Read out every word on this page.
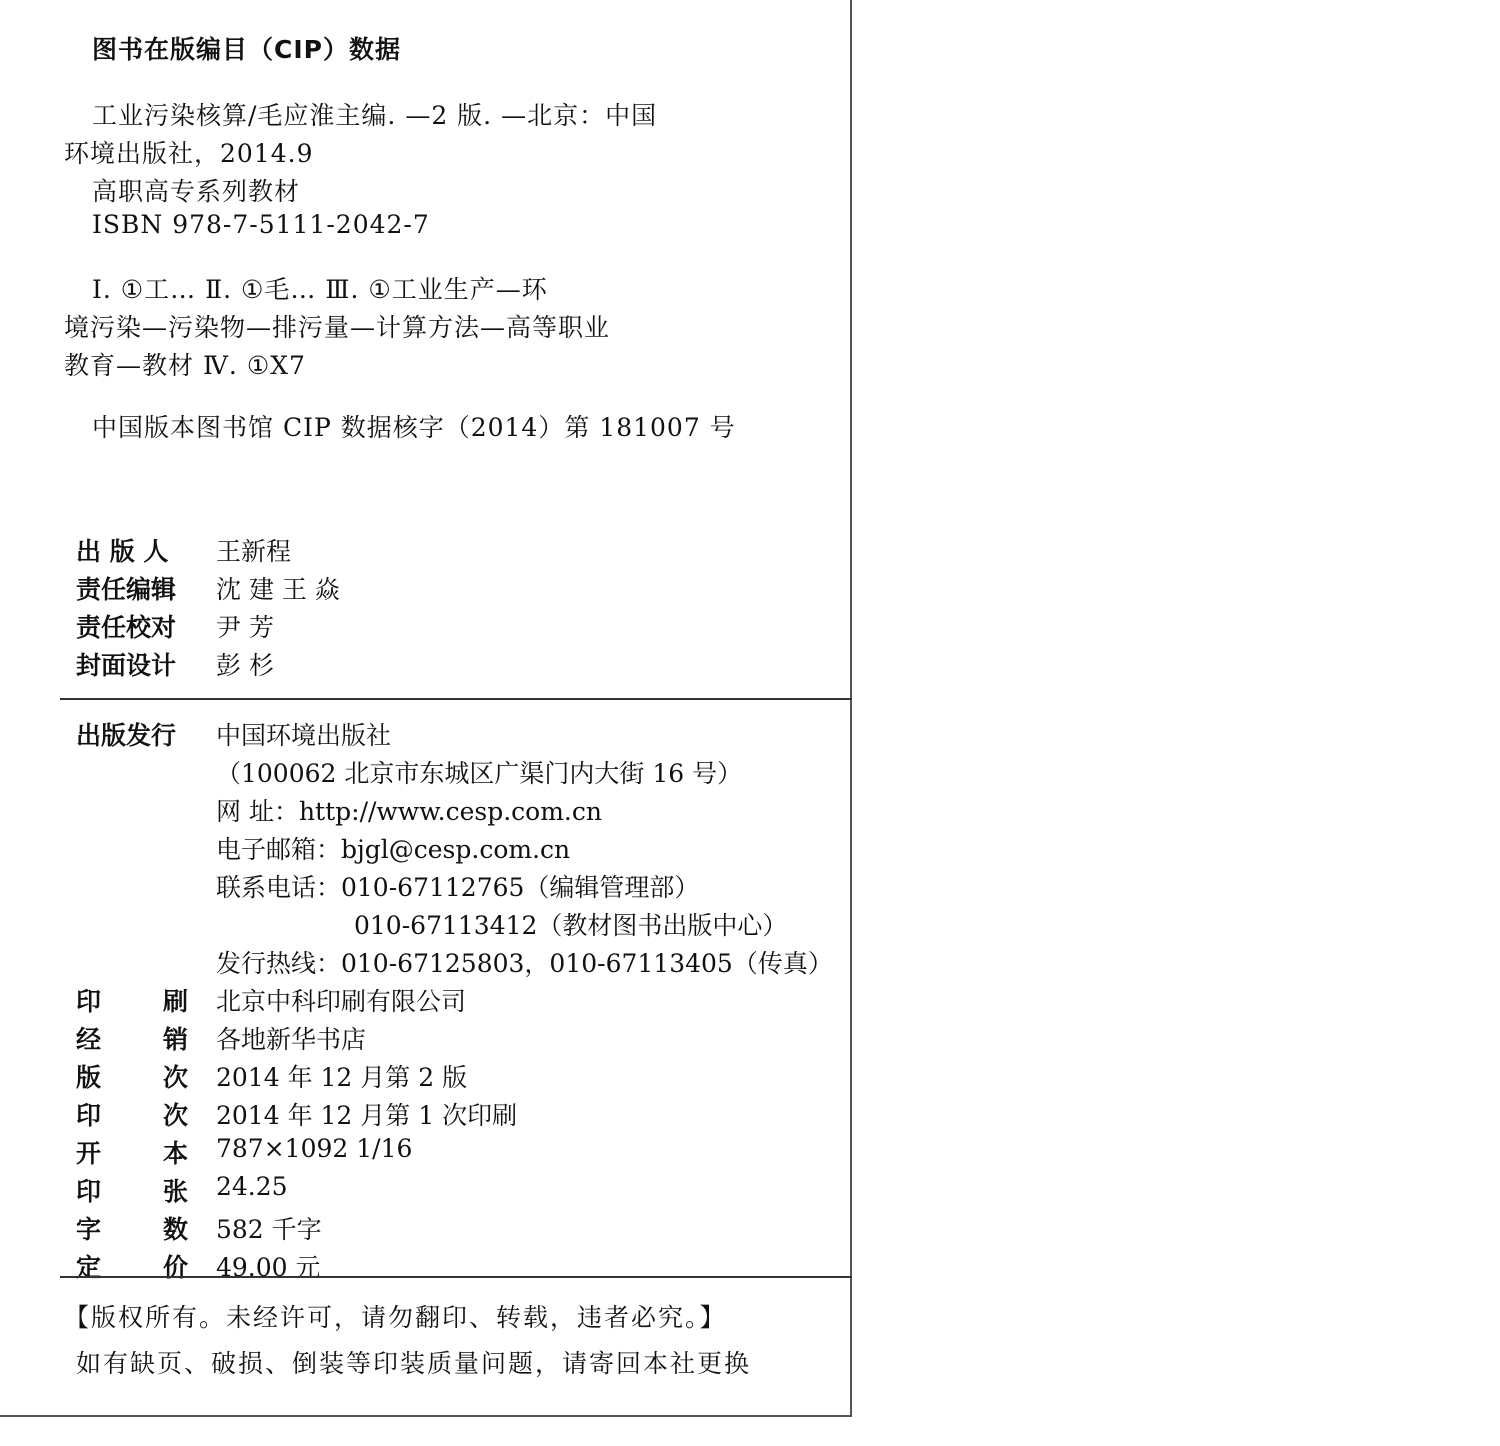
图书在版编目（CIP）数据
工业污染核算/毛应淮主编. —2 版. —北京：中国
环境出版社，2014.9
高职高专系列教材
ISBN 978-7-5111-2042-7
Ⅰ. ①工… Ⅱ. ①毛… Ⅲ. ①工业生产—环
境污染—污染物—排污量—计算方法—高等职业
教育—教材 Ⅳ. ①X7
中国版本图书馆 CIP 数据核字（2014）第 181007 号
出 版 人	王新程
责任编辑	沈 建 王 焱
责任校对	尹 芳
封面设计	彭 杉
出版发行	中国环境出版社
（100062 北京市东城区广渠门内大街 16 号）
网 址：http://www.cesp.com.cn
电子邮箱：bjgl@cesp.com.cn
联系电话：010-67112765（编辑管理部）
010-67113412（教材图书出版中心）
发行热线：010-67125803，010-67113405（传真）
印 刷 北京中科印刷有限公司
经 销 各地新华书店
版 次 2014 年 12 月第 2 版
印 次 2014 年 12 月第 1 次印刷
开 本 787×1092 1/16
印 张 24.25
字 数 582 千字
定 价 49.00 元
【版权所有。未经许可，请勿翻印、转载，违者必究。】
如有缺页、破损、倒装等印装质量问题，请寄回本社更换
